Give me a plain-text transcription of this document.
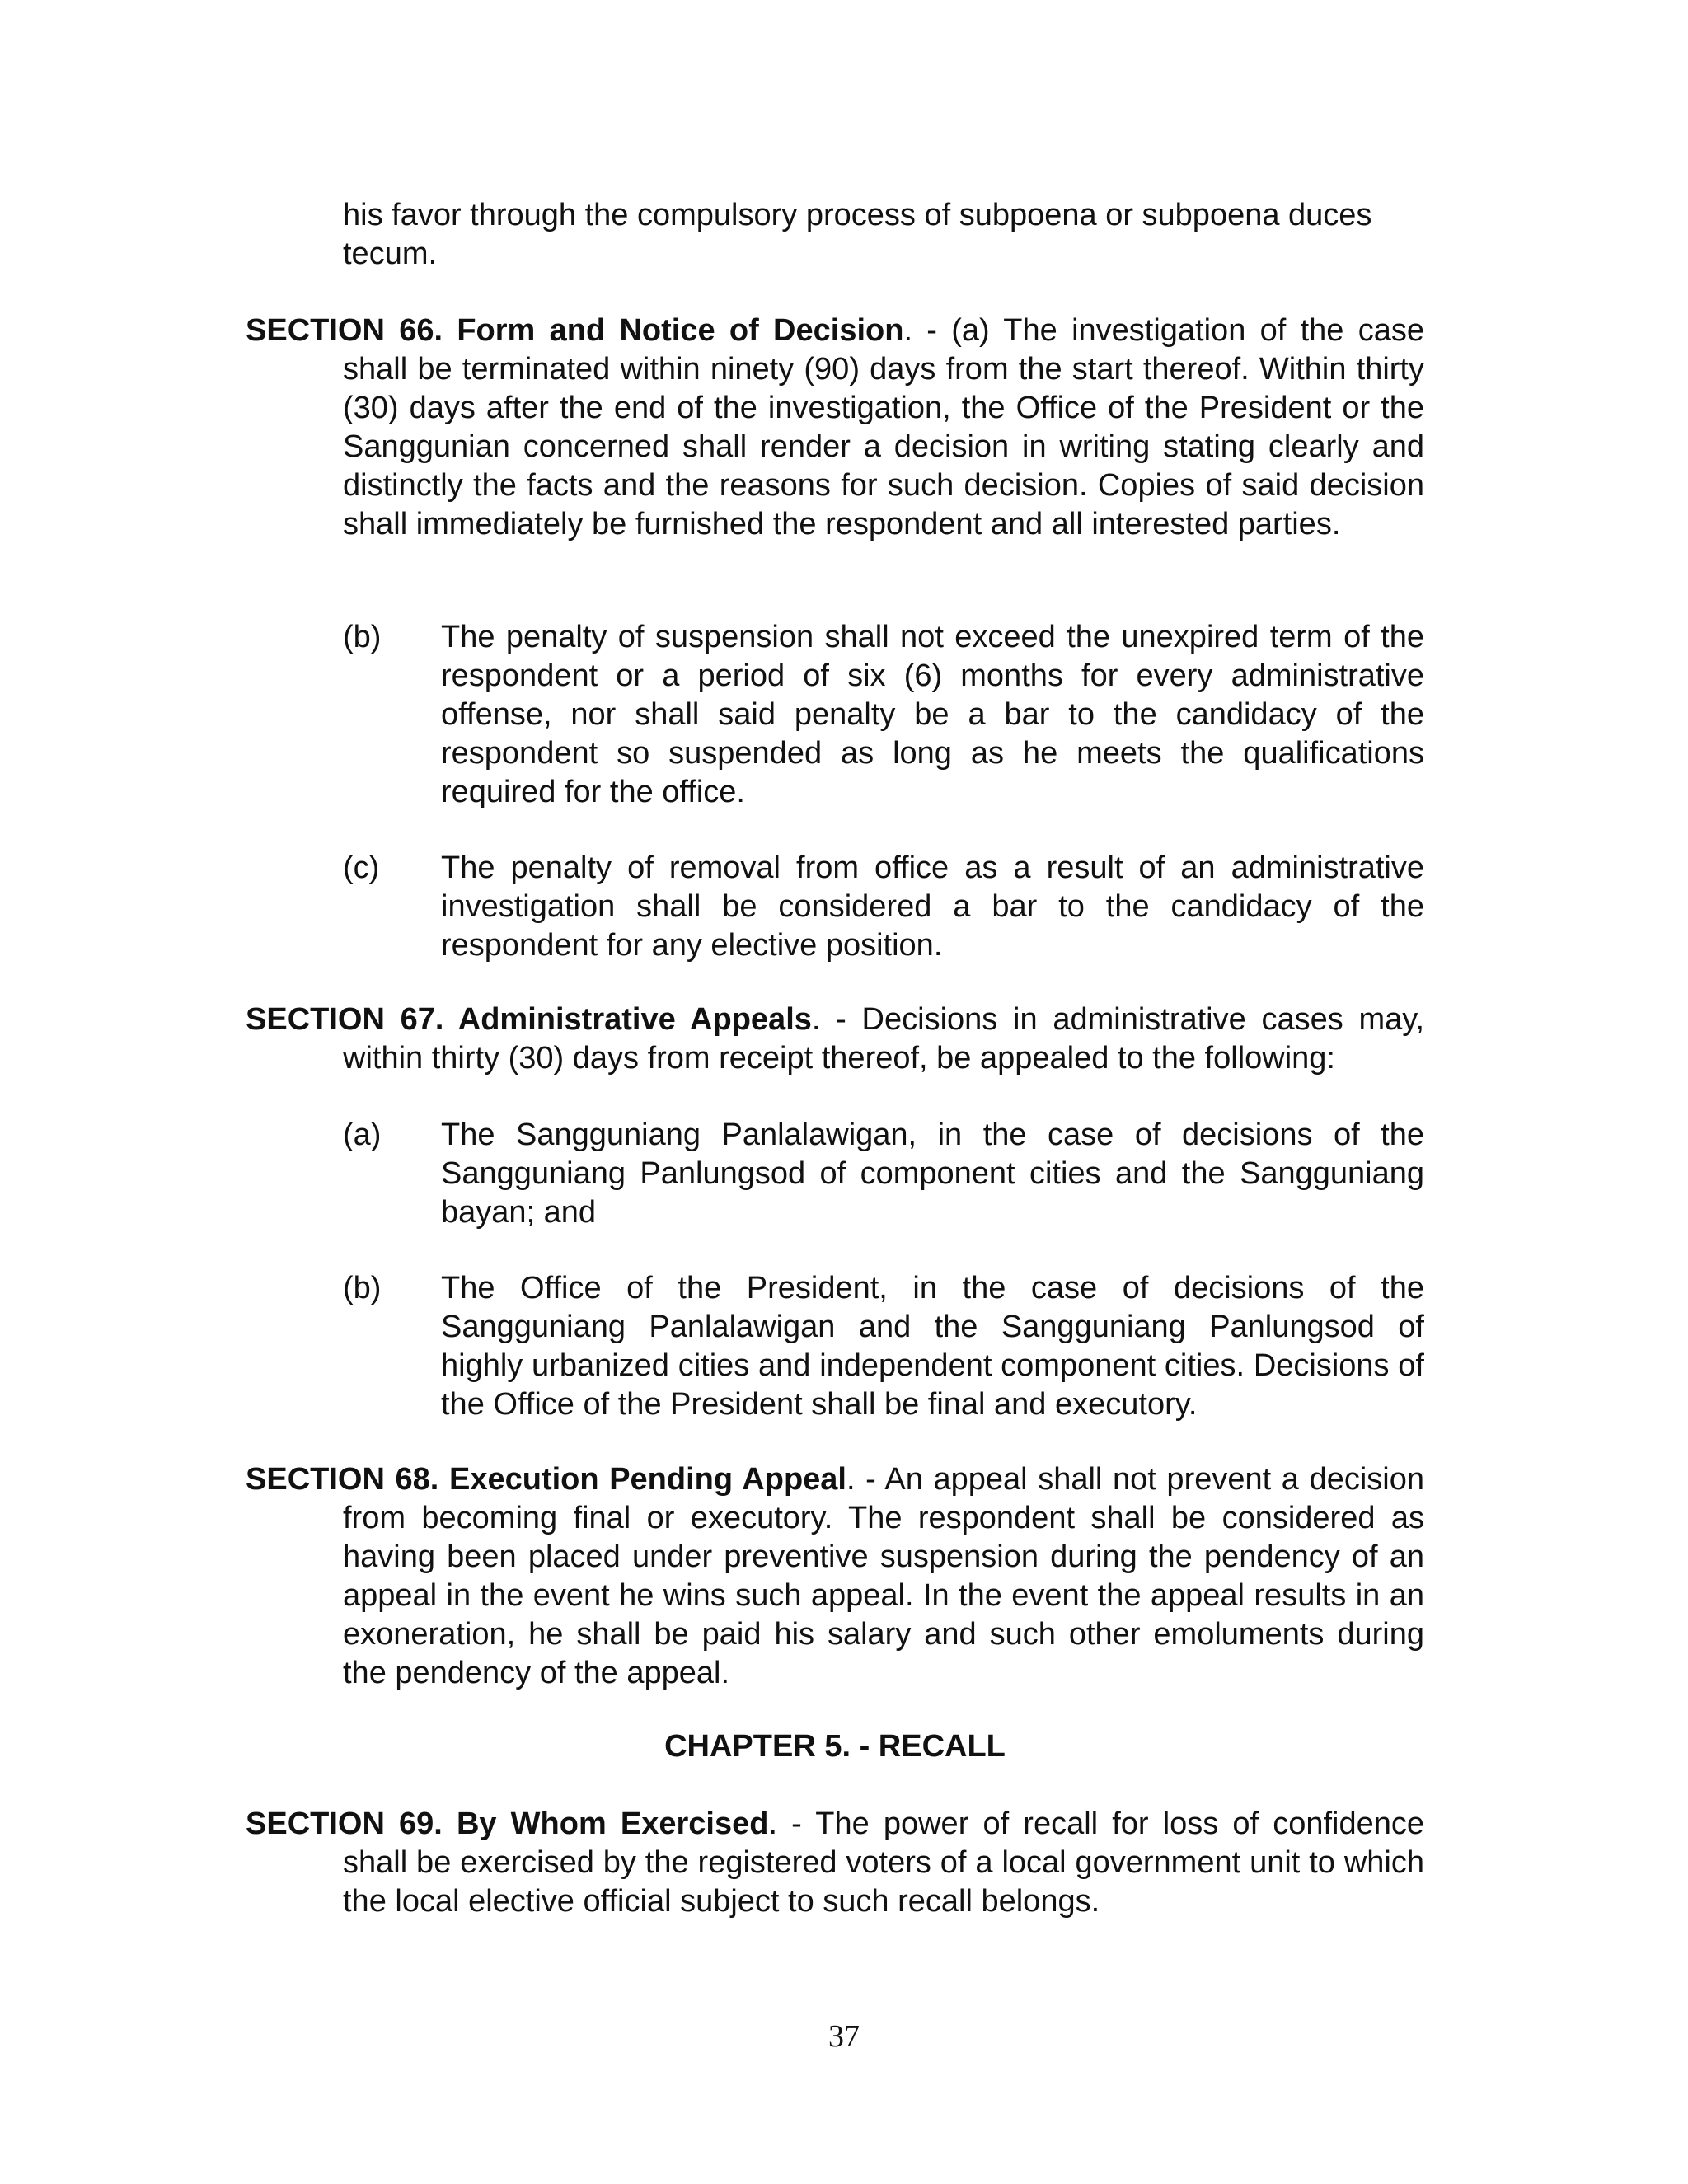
his favor through the compulsory process of subpoena or subpoena duces tecum.
SECTION 66. Form and Notice of Decision. - (a) The investigation of the case shall be terminated within ninety (90) days from the start thereof. Within thirty (30) days after the end of the investigation, the Office of the President or the Sanggunian concerned shall render a decision in writing stating clearly and distinctly the facts and the reasons for such decision. Copies of said decision shall immediately be furnished the respondent and all interested parties.
(b) The penalty of suspension shall not exceed the unexpired term of the respondent or a period of six (6) months for every administrative offense, nor shall said penalty be a bar to the candidacy of the respondent so suspended as long as he meets the qualifications required for the office.
(c) The penalty of removal from office as a result of an administrative investigation shall be considered a bar to the candidacy of the respondent for any elective position.
SECTION 67. Administrative Appeals. - Decisions in administrative cases may, within thirty (30) days from receipt thereof, be appealed to the following:
(a) The Sangguniang Panlalawigan, in the case of decisions of the Sangguniang Panlungsod of component cities and the Sangguniang bayan; and
(b) The Office of the President, in the case of decisions of the Sangguniang Panlalawigan and the Sangguniang Panlungsod of highly urbanized cities and independent component cities. Decisions of the Office of the President shall be final and executory.
SECTION 68. Execution Pending Appeal. - An appeal shall not prevent a decision from becoming final or executory. The respondent shall be considered as having been placed under preventive suspension during the pendency of an appeal in the event he wins such appeal. In the event the appeal results in an exoneration, he shall be paid his salary and such other emoluments during the pendency of the appeal.
CHAPTER 5. - RECALL
SECTION 69. By Whom Exercised. - The power of recall for loss of confidence shall be exercised by the registered voters of a local government unit to which the local elective official subject to such recall belongs.
37
